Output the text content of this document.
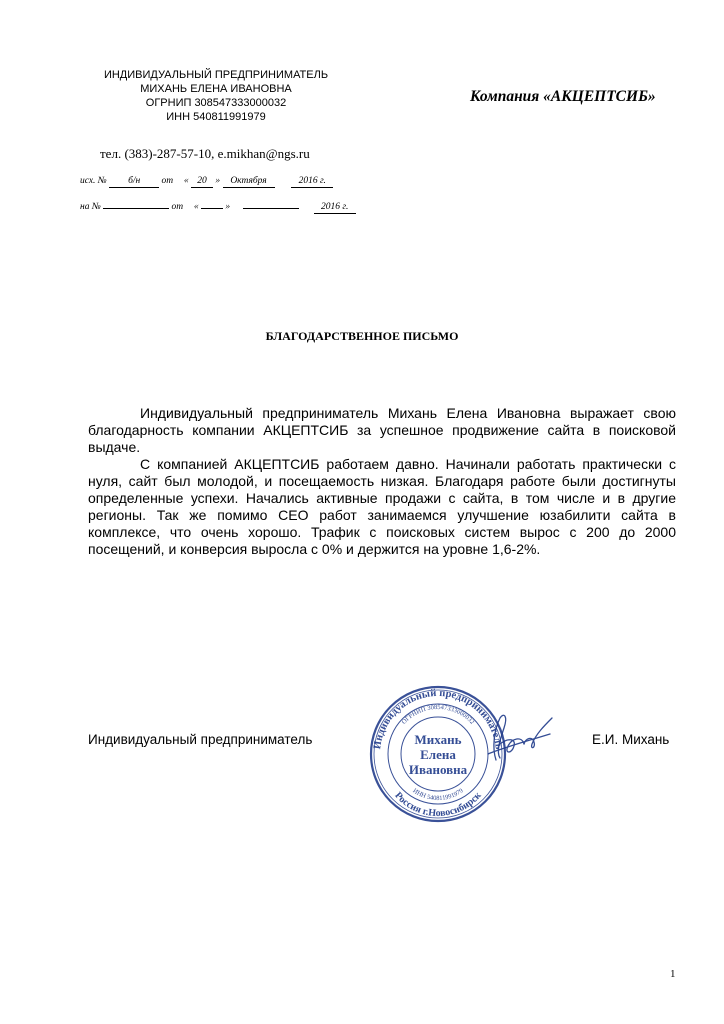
ИНДИВИДУАЛЬНЫЙ ПРЕДПРИНИМАТЕЛЬ
МИХАНЬ ЕЛЕНА ИВАНОВНА
ОГРНИП 308547333000032
ИНН 540811991979
Компания «АКЦЕПТСИБ»
тел. (383)-287-57-10, e.mikhan@ngs.ru
исх. № б/н от « 20 » Октября	2016 г.
на №	от «	»	2016 г.
БЛАГОДАРСТВЕННОЕ ПИСЬМО

Индивидуальный предприниматель Михань Елена Ивановна выражает свою благодарность компании АКЦЕПТСИБ за успешное продвижение сайта в поисковой выдаче.

С компанией АКЦЕПТСИБ работаем давно. Начинали работать практически с нуля, сайт был молодой, и посещаемость низкая. Благодаря работе были достигнуты определенные успехи. Начались активные продажи с сайта, в том числе и в другие регионы. Так же помимо СЕО работ занимаемся улучшение юзабилити сайта в комплексе, что очень хорошо. Трафик с поисковых систем вырос с 200 до 2000 посещений, и конверсия выросла с 0% и держится на уровне 1,6-2%.

Индивидуальный предприниматель
ОГРНИП 308547333000032
ИНН 540811991979
Россия г.Новосибирск
Михань
Елена
Ивановна
Индивидуальный предприниматель	Е.И. Михань
1
